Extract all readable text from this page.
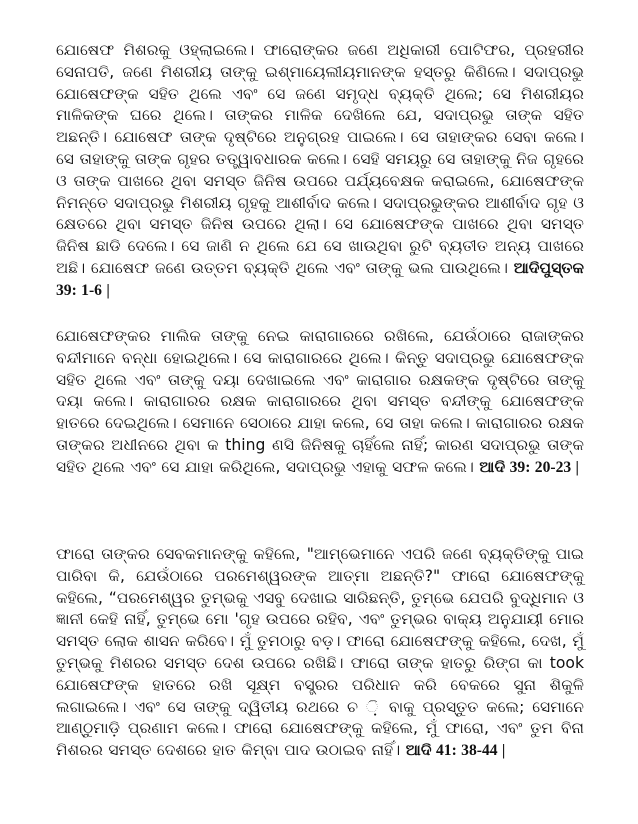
ଯୋଷେଫ ମିଶରକୁ ଓହ୍ଲାଇଲେ। ଫାରୋଙ୍କର ଜଣେ ଅଧିକାରୀ ପୋଟିଫର, ପ୍ରହରୀର ସେନାପତି, ଜଣେ ମିଶରୀୟ ତାଙ୍କୁ ଇଶ୍ମାୟେଲୀୟମାନଙ୍କ ହସ୍ତରୁ କିଣିଲେ। ସଦାପ୍ରଭୁ ଯୋଷେଫଙ୍କ ସହିତ ଥିଲେ ଏବଂ ସେ ଜଣେ ସମୃଦ୍ଧ ବ୍ୟକ୍ତି ଥିଲେ; ସେ ମିଶରୀୟର ମାଳିକଙ୍କ ଘରେ ଥିଲେ। ତାଙ୍କର ମାଳିକ ଦେଖିଲେ ଯେ, ସଦାପ୍ରଭୁ ତାଙ୍କ ସହିତ ଅଛନ୍ତି। ଯୋଷେଫ ତାଙ୍କ ଦୃଷ୍ଟିରେ ଅନୁଗ୍ରହ ପାଇଲେ। ସେ ତାହାଙ୍କର ସେବା କଲେ। ସେ ତାହାଙ୍କୁ ତାଙ୍କ ଗୃହର ତତ୍ତ୍ୱାବଧାରକ କଲେ। ସେହି ସମୟରୁ ସେ ତାହାଙ୍କୁ ନିଜ ଗୃହରେ ଓ ତାଙ୍କ ପାଖରେ ଥିବା ସମସ୍ତ ଜିନିଷ ଉପରେ ପର୍ଯ୍ୟବେକ୍ଷକ କରାଇଲେ, ଯୋଷେଫଙ୍କ ନିମନ୍ତେ ସଦାପ୍ରଭୁ ମିଶରୀୟ ଗୃହକୁ ଆଶୀର୍ବାଦ କଲେ। ସଦାପ୍ରଭୁଙ୍କର ଆଶୀର୍ବାଦ ଗୃହ ଓ କ୍ଷେତରେ ଥିବା ସମସ୍ତ ଜିନିଷ ଉପରେ ଥିଲା। ସେ ଯୋଷେଫଙ୍କ ପାଖରେ ଥିବା ସମସ୍ତ ଜିନିଷ ଛାଡି ଦେଲେ। ସେ ଜାଣି ନ ଥିଲେ ଯେ ସେ ଖାଉଥିବା ରୁଟି ବ୍ୟତୀତ ଅନ୍ୟ ପାଖରେ ଅଛି। ଯୋଷେଫ ଜଣେ ଉତ୍ତମ ବ୍ୟକ୍ତି ଥିଲେ ଏବଂ ତାଙ୍କୁ ଭଲ ପାଉଥିଲେ। ଆଦିପୁସ୍ତକ 39: 1-6 |

ଯୋଷେଫଙ୍କର ମାଲିକ ତାଙ୍କୁ ନେଇ କାରାଗାରରେ ରଖିଲେ, ଯେଉଁଠାରେ ରାଜାଙ୍କର ବନ୍ଦୀମାନେ ବନ୍ଧା ହୋଇଥିଲେ। ସେ କାରାଗାରରେ ଥିଲେ। କିନ୍ତୁ ସଦାପ୍ରଭୁ ଯୋଷେଫଙ୍କ ସହିତ ଥିଲେ ଏବଂ ତାଙ୍କୁ ଦୟା ଦେଖାଇଲେ ଏବଂ କାରାଗାର ରକ୍ଷକଙ୍କ ଦୃଷ୍ଟିରେ ତାଙ୍କୁ ଦୟା କଲେ। କାରାଗାରର ରକ୍ଷକ କାରାଗାରରେ ଥିବା ସମସ୍ତ ବନ୍ଦୀଙ୍କୁ ଯୋଷେଫଙ୍କ ହାତରେ ଦେଇଥିଲେ। ସେମାନେ ସେଠାରେ ଯାହା କଲେ, ସେ ତାହା କଲେ। କାରାଗାରର ରକ୍ଷକ ତାଙ୍କର ଅଧୀନରେ ଥିବା କ thing ଣସି ଜିନିଷକୁ ଚାହିଁଲେ ନାହିଁ; କାରଣ ସଦାପ୍ରଭୁ ତାଙ୍କ ସହିତ ଥିଲେ ଏବଂ ସେ ଯାହା କରିଥିଲେ, ସଦାପ୍ରଭୁ ଏହାକୁ ସଫଳ କଲେ। ଆଦି 39: 20-23 |

ଫାରୋ ତାଙ୍କର ସେବକମାନଙ୍କୁ କହିଲେ, "ଆମ୍ଭେମାନେ ଏପରି ଜଣେ ବ୍ୟକ୍ତିଙ୍କୁ ପାଇ ପାରିବା କି, ଯେଉଁଠାରେ ପରମେଶ୍ୱରଙ୍କ ଆତ୍ମା ଅଛନ୍ତି?" ଫାରୋ ଯୋଷେଫଙ୍କୁ କହିଲେ, “ପରମେଶ୍ୱର ତୁମ୍ଭକୁ ଏସବୁ ଦେଖାଇ ସାରିଛନ୍ତି, ତୁମ୍ଭେ ଯେପରି ବୁଦ୍ଧିମାନ ଓ ଜ୍ଞାନୀ କେହି ନାହିଁ, ତୁମ୍ଭେ ମୋ 'ଗୃହ ଉପରେ ରହିବ, ଏବଂ ତୁମ୍ଭର ବାକ୍ୟ ଅନୁଯାୟୀ ମୋର ସମସ୍ତ ଲୋକ ଶାସନ କରିବେ। ମୁଁ ତୁମଠାରୁ ବଡ଼। ଫାରୋ ଯୋଷେଫଙ୍କୁ କହିଲେ, ଦେଖ, ମୁଁ ତୁମ୍ଭକୁ ମିଶରର ସମସ୍ତ ଦେଶ ଉପରେ ରଖିଛି। ଫାରୋ ତାଙ୍କ ହାତରୁ ରିଙ୍ଗ କା took ଯୋଷେଫଙ୍କ ହାତରେ ରଖି ସୂକ୍ଷ୍ମ ବସ୍ତ୍ରର ପରିଧାନ କରି ବେକରେ ସୁନା ଶିକୁଳି ଲଗାଇଲେ। ଏବଂ ସେ ତାଙ୍କୁ ଦ୍ୱିତୀୟ ରଥରେ ଚ ଼ି ବାକୁ ପ୍ରସ୍ତୁତ କଲେ; ସେମାନେ ଆଣ୍ଠୁମାଡ଼ି ପ୍ରଣାମ କଲେ। ଫାରୋ ଯୋଷେଫଙ୍କୁ କହିଲେ, ମୁଁ ଫାରୋ, ଏବଂ ତୁମ ବିନା ମିଶରର ସମସ୍ତ ଦେଶରେ ହାତ କିମ୍ବା ପାଦ ଉଠାଇବ ନାହିଁ। ଆଦି 41: 38-44 |
